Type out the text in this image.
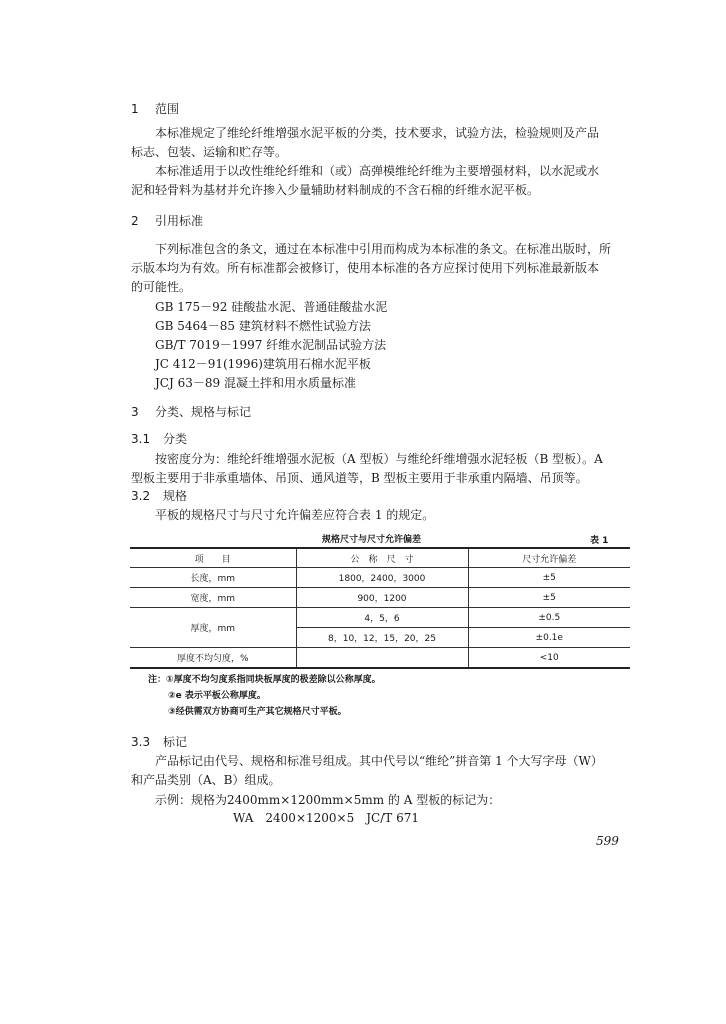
1 范围
本标准规定了维纶纤维增强水泥平板的分类，技术要求，试验方法，检验规则及产品
标志、包装、运输和贮存等。
本标准适用于以改性维纶纤维和（或）高弹模维纶纤维为主要增强材料，以水泥或水
泥和轻骨料为基材并允许掺入少量辅助材料制成的不含石棉的纤维水泥平板。
2 引用标准
下列标准包含的条文，通过在本标准中引用而构成为本标准的条文。在标准出版时，所
示版本均为有效。所有标准都会被修订，使用本标准的各方应探讨使用下列标准最新版本
的可能性。
GB 175－92 硅酸盐水泥、普通硅酸盐水泥
GB 5464－85 建筑材料不燃性试验方法
GB/T 7019－1997 纤维水泥制品试验方法
JC 412－91(1996)建筑用石棉水泥平板
JCJ 63－89 混凝土拌和用水质量标准
3 分类、规格与标记
3.1 分类
按密度分为：维纶纤维增强水泥板（A 型板）与维纶纤维增强水泥轻板（B 型板）。A
型板主要用于非承重墙体、吊顶、通风道等，B 型板主要用于非承重内隔墙、吊顶等。
3.2 规格
平板的规格尺寸与尺寸允许偏差应符合表 1 的规定。
规格尺寸与尺寸允许偏差	表 1
项　　目	公　称　尺　寸	尺寸允许偏差
长度，mm	1800，2400，3000	±5
宽度，mm	900，1200	±5
厚度，mm	4，5，6	±0.5
	8，10，12，15，20，25	±0.1e
厚度不均匀度，%		<10
注：①厚度不均匀度系指同块板厚度的极差除以公称厚度。
②e 表示平板公称厚度。
③经供需双方协商可生产其它规格尺寸平板。
3.3 标记
产品标记由代号、规格和标准号组成。其中代号以“维纶”拼音第 1 个大写字母（W）
和产品类别（A、B）组成。
示例：规格为2400mm×1200mm×5mm 的 A 型板的标记为：
WA　2400×1200×5　JC/T 671
599
